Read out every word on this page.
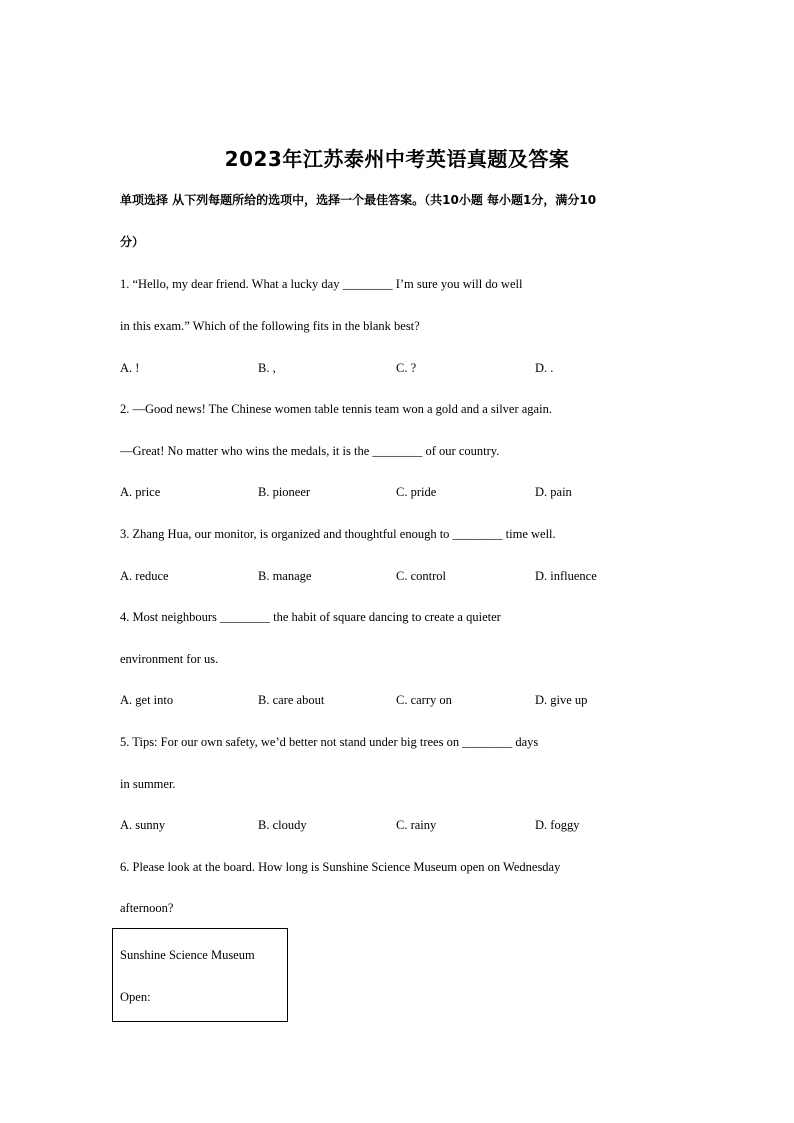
2023年江苏泰州中考英语真题及答案
单项选择 从下列每题所给的选项中，选择一个最佳答案。（共10小题 每小题1分，满分10
分）
1. “Hello, my dear friend. What a lucky day ________ I’m sure you will do well
in this exam.” Which of the following fits in the blank best?
A. !	B. ,	C. ?	D. .
2. —Good news! The Chinese women table tennis team won a gold and a silver again.
—Great! No matter who wins the medals, it is the ________ of our country.
A. price	B. pioneer	C. pride	D. pain
3. Zhang Hua, our monitor, is organized and thoughtful enough to ________ time well.
A. reduce	B. manage	C. control	D. influence
4. Most neighbours ________ the habit of square dancing to create a quieter
environment for us.
A. get into	B. care about	C. carry on	D. give up
5. Tips: For our own safety, we’d better not stand under big trees on ________ days
in summer.
A. sunny	B. cloudy	C. rainy	D. foggy
6. Please look at the board. How long is Sunshine Science Museum open on Wednesday
afternoon?
Sunshine Science Museum
Open:
